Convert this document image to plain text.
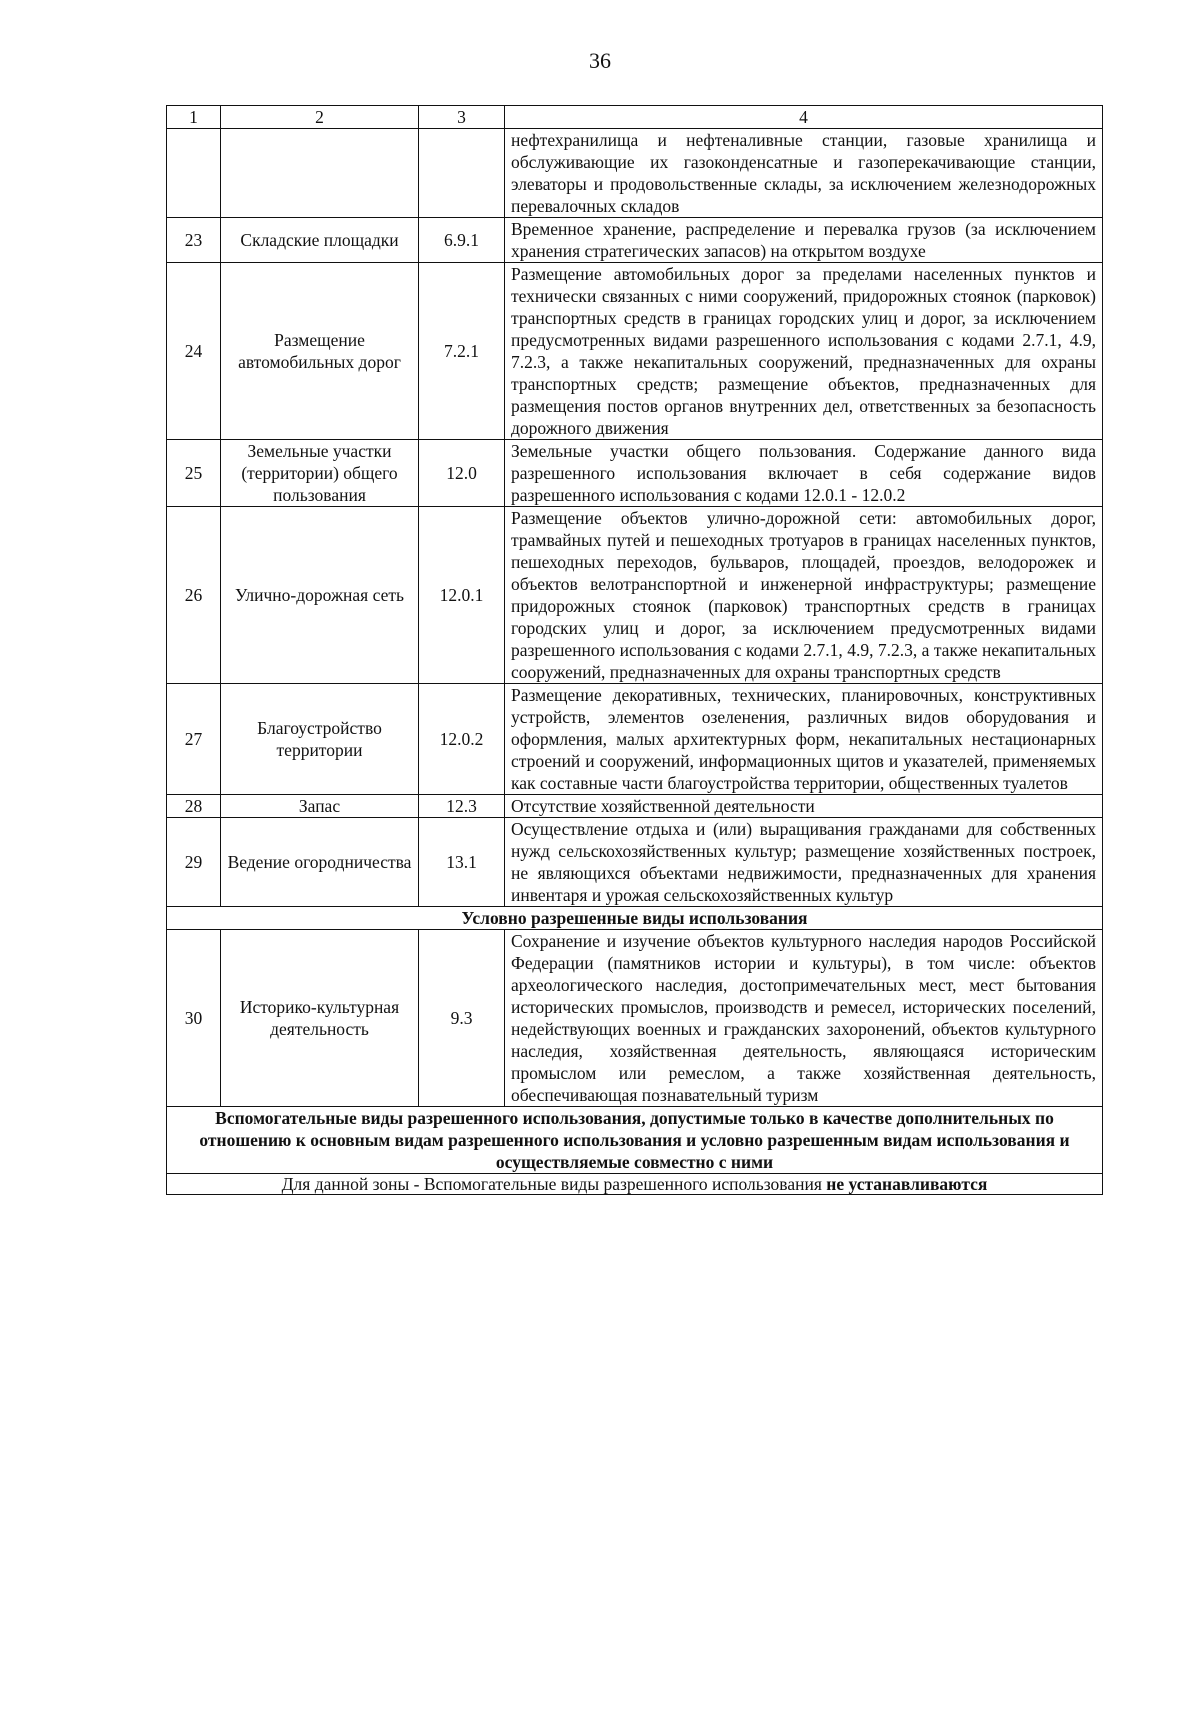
36
1	2	3	4
			нефтехранилища и нефтеналивные станции, газовые хранилища и обслуживающие их газоконденсатные и газоперекачивающие станции, элеваторы и продовольственные склады, за исключением железнодорожных перевалочных складов
23	Складские площадки	6.9.1	Временное хранение, распределение и перевалка грузов (за исключением хранения стратегических запасов) на открытом воздухе
24	Размещение автомобильных дорог	7.2.1	Размещение автомобильных дорог за пределами населенных пунктов и технически связанных с ними сооружений, придорожных стоянок (парковок) транспортных средств в границах городских улиц и дорог, за исключением предусмотренных видами разрешенного использования с кодами 2.7.1, 4.9, 7.2.3, а также некапитальных сооружений, предназначенных для охраны транспортных средств; размещение объектов, предназначенных для размещения постов органов внутренних дел, ответственных за безопасность дорожного движения
25	Земельные участки (территории) общего пользования	12.0	Земельные участки общего пользования. Содержание данного вида разрешенного использования включает в себя содержание видов разрешенного использования с кодами 12.0.1 - 12.0.2
26	Улично-дорожная сеть	12.0.1	Размещение объектов улично-дорожной сети: автомобильных дорог, трамвайных путей и пешеходных тротуаров в границах населенных пунктов, пешеходных переходов, бульваров, площадей, проездов, велодорожек и объектов велотранспортной и инженерной инфраструктуры; размещение придорожных стоянок (парковок) транспортных средств в границах городских улиц и дорог, за исключением предусмотренных видами разрешенного использования с кодами 2.7.1, 4.9, 7.2.3, а также некапитальных сооружений, предназначенных для охраны транспортных средств
27	Благоустройство территории	12.0.2	Размещение декоративных, технических, планировочных, конструктивных устройств, элементов озеленения, различных видов оборудования и оформления, малых архитектурных форм, некапитальных нестационарных строений и сооружений, информационных щитов и указателей, применяемых как составные части благоустройства территории, общественных туалетов
28	Запас	12.3	Отсутствие хозяйственной деятельности
29	Ведение огородничества	13.1	Осуществление отдыха и (или) выращивания гражданами для собственных нужд сельскохозяйственных культур; размещение хозяйственных построек, не являющихся объектами недвижимости, предназначенных для хранения инвентаря и урожая сельскохозяйственных культур
Условно разрешенные виды использования			
30	Историко-культурная деятельность	9.3	Сохранение и изучение объектов культурного наследия народов Российской Федерации (памятников истории и культуры), в том числе: объектов археологического наследия, достопримечательных мест, мест бытования исторических промыслов, производств и ремесел, исторических поселений, недействующих военных и гражданских захоронений, объектов культурного наследия, хозяйственная деятельность, являющаяся историческим промыслом или ремеслом, а также хозяйственная деятельность, обеспечивающая познавательный туризм
Вспомогательные виды разрешенного использования, допустимые только в качестве дополнительных по отношению к основным видам разрешенного использования и условно разрешенным видам использования и осуществляемые совместно с ними			
Для данной зоны - Вспомогательные виды разрешенного использования не устанавливаются			
